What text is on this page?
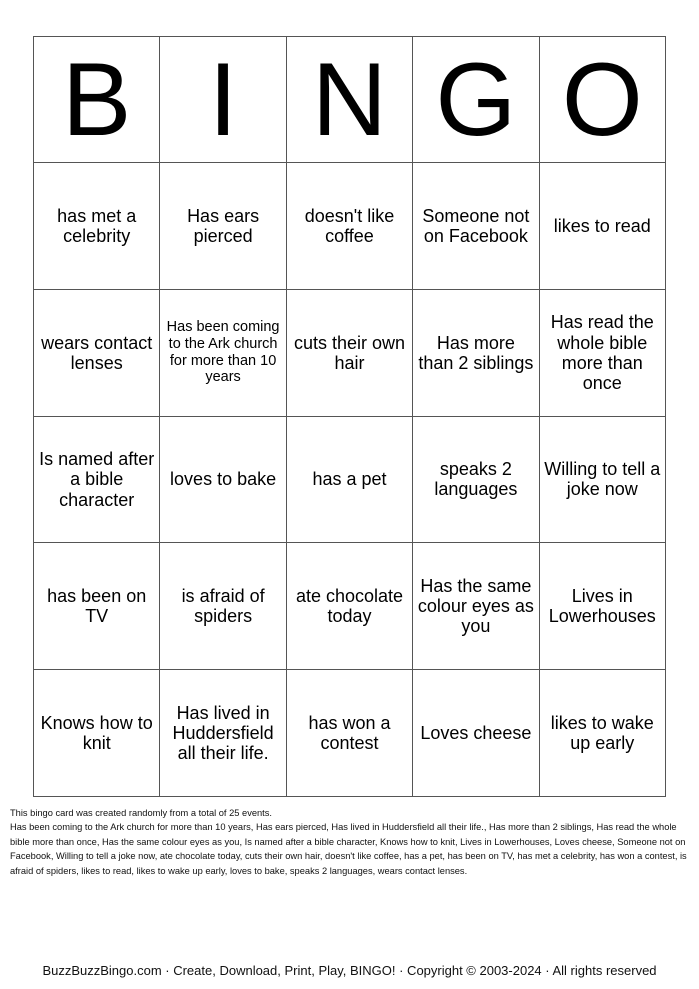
B	I	N	G	O
has met a celebrity	Has ears pierced	doesn't like coffee	Someone not on Facebook	likes to read
wears contact lenses	Has been coming to the Ark church for more than 10 years	cuts their own hair	Has more than 2 siblings	Has read the whole bible more than once
Is named after a bible character	loves to bake	has a pet	speaks 2 languages	Willing to tell a joke now
has been on TV	is afraid of spiders	ate chocolate today	Has the same colour eyes as you	Lives in Lowerhouses
Knows how to knit	Has lived in Huddersfield all their life.	has won a contest	Loves cheese	likes to wake up early

This bingo card was created randomly from a total of 25 events.

Has been coming to the Ark church for more than 10 years, Has ears pierced, Has lived in Huddersfield all their life., Has more than 2 siblings, Has read the whole bible more than once, Has the same colour eyes as you, Is named after a bible character, Knows how to knit, Lives in Lowerhouses, Loves cheese, Someone not on Facebook, Willing to tell a joke now, ate chocolate today, cuts their own hair, doesn't like coffee, has a pet, has been on TV, has met a celebrity, has won a contest, is afraid of spiders, likes to read, likes to wake up early, loves to bake, speaks 2 languages, wears contact lenses.

BuzzBuzzBingo.com · Create, Download, Print, Play, BINGO! · Copyright © 2003-2024 · All rights reserved
